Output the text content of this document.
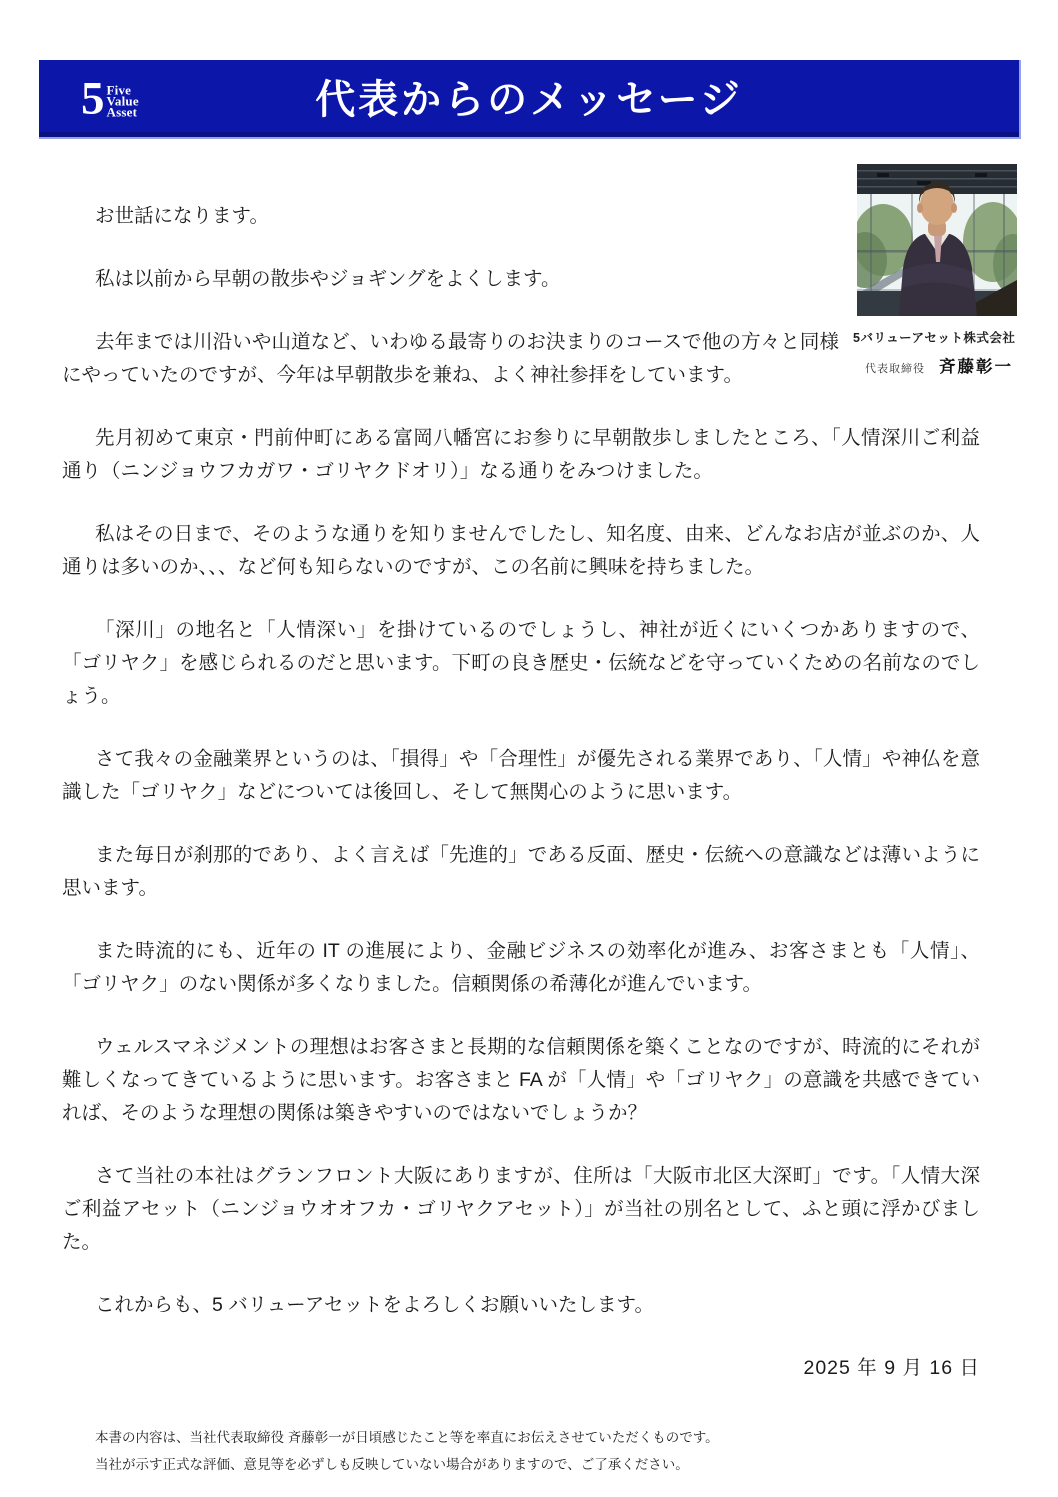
5 Five
Value
Asset	代表からのメッセージ
5バリューアセット株式会社
代表取締役 斉藤彰一

お世話になります。

私は以前から早朝の散歩やジョギングをよくします。

去年までは川沿いや山道など、いわゆる最寄りのお決まりのコースで他の方々と同様にやっていたのですが、今年は早朝散歩を兼ね、よく神社参拝をしています。

先月初めて東京・門前仲町にある富岡八幡宮にお参りに早朝散歩しましたところ、「人情深川ご利益通り（ニンジョウフカガワ・ゴリヤクドオリ）」なる通りをみつけました。

私はその日まで、そのような通りを知りませんでしたし、知名度、由来、どんなお店が並ぶのか、人通りは多いのか、、、など何も知らないのですが、この名前に興味を持ちました。

「深川」の地名と「人情深い」を掛けているのでしょうし、神社が近くにいくつかありますので、「ゴリヤク」を感じられるのだと思います。下町の良き歴史・伝統などを守っていくための名前なのでしょう。

さて我々の金融業界というのは、「損得」や「合理性」が優先される業界であり、「人情」や神仏を意識した「ゴリヤク」などについては後回し、そして無関心のように思います。

また毎日が刹那的であり、よく言えば「先進的」である反面、歴史・伝統への意識などは薄いように思います。

また時流的にも、近年の IT の進展により、金融ビジネスの効率化が進み、お客さまとも「人情」、「ゴリヤク」のない関係が多くなりました。信頼関係の希薄化が進んでいます。

ウェルスマネジメントの理想はお客さまと長期的な信頼関係を築くことなのですが、時流的にそれが難しくなってきているように思います。お客さまと FA が「人情」や「ゴリヤク」の意識を共感できていれば、そのような理想の関係は築きやすいのではないでしょうか？

さて当社の本社はグランフロント大阪にありますが、住所は「大阪市北区大深町」です。「人情大深ご利益アセット（ニンジョウオオフカ・ゴリヤクアセット）」が当社の別名として、ふと頭に浮かびました。

これからも、5 バリューアセットをよろしくお願いいたします。

2025 年 9 月 16 日
本書の内容は、当社代表取締役 斉藤彰一が日頃感じたこと等を率直にお伝えさせていただくものです。
当社が示す正式な評価、意見等を必ずしも反映していない場合がありますので、ご了承ください。
